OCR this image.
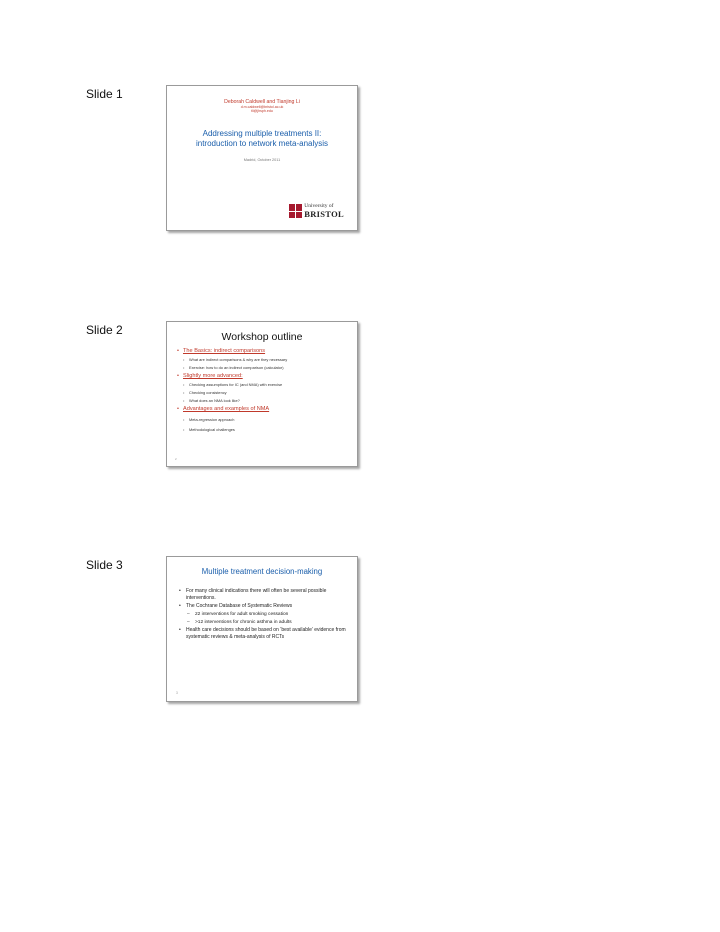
Slide 1
Deborah Caldwell and Tianjing Li
d.m.caldwell@bristol.ac.uk
tli@jhsph.edu
Addressing multiple treatments II:
introduction to network meta-analysis
Madrid, October 2011
University of
BRISTOL
Slide 2	Workshop outline
• The Basics: indirect comparisons
• What are indirect comparisons & why are they necessary
• Exercise: how to do an indirect comparison (calculator)
• Slightly more advanced:
• Checking assumptions for IC (and NMA) with exercise
• Checking consistency
• What does an NMA look like?
• Advantages and examples of NMA
• Meta-regression approach
• Methodological challenges
2
Slide 3	Multiple treatment decision-making
• For many clinical indications there will often be several possible interventions.
• The Cochrane Database of Systematic Reviews
– 22 interventions for adult smoking cessation
– >12 interventions for chronic asthma in adults
• Health care decisions should be based on ‘best available’ evidence from systematic reviews & meta-analysis of RCTs
3
